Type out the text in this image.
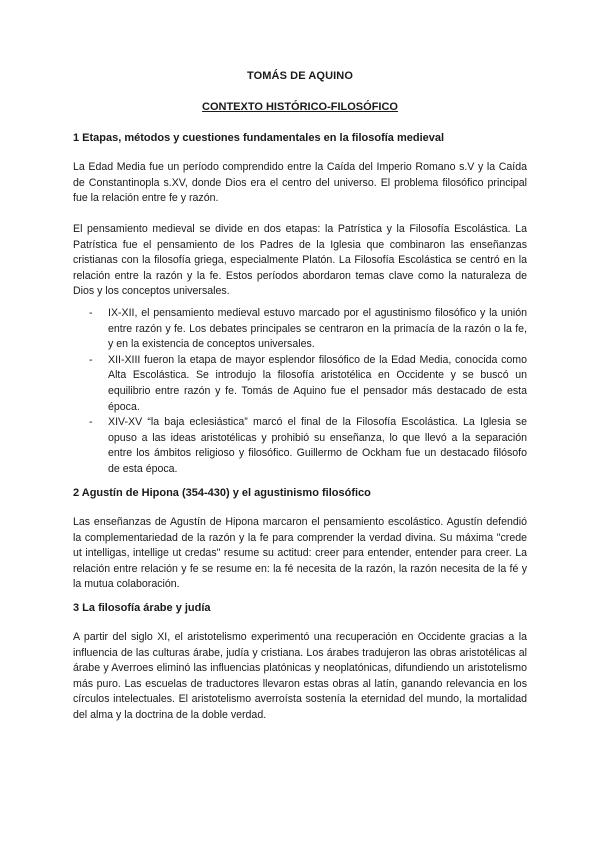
TOMÁS DE AQUINO
CONTEXTO HISTÓRICO-FILOSÓFICO
1 Etapas, métodos y cuestiones fundamentales en la filosofía medieval

La Edad Media fue un período comprendido entre la Caída del Imperio Romano s.V y la Caída de Constantinopla s.XV, donde Dios era el centro del universo. El problema filosófico principal fue la relación entre fe y razón.

El pensamiento medieval se divide en dos etapas: la Patrística y la Filosofía Escolástica. La Patrística fue el pensamiento de los Padres de la Iglesia que combinaron las enseñanzas cristianas con la filosofía griega, especialmente Platón. La Filosofía Escolástica se centró en la relación entre la razón y la fe. Estos períodos abordaron temas clave como la naturaleza de Dios y los conceptos universales.

- IX-XII, el pensamiento medieval estuvo marcado por el agustinismo filosófico y la unión entre razón y fe. Los debates principales se centraron en la primacía de la razón o la fe, y en la existencia de conceptos universales.
- XII-XIII fueron la etapa de mayor esplendor filosófico de la Edad Media, conocida como Alta Escolástica. Se introdujo la filosofía aristotélica en Occidente y se buscó un equilibrio entre razón y fe. Tomás de Aquino fue el pensador más destacado de esta época.
- XIV-XV “la baja eclesiástica” marcó el final de la Filosofía Escolástica. La Iglesia se opuso a las ideas aristotélicas y prohibió su enseñanza, lo que llevó a la separación entre los ámbitos religioso y filosófico. Guillermo de Ockham fue un destacado filósofo de esta época.
2 Agustín de Hipona (354-430) y el agustinismo filosófico

Las enseñanzas de Agustín de Hipona marcaron el pensamiento escolástico. Agustín defendió la complementariedad de la razón y la fe para comprender la verdad divina. Su máxima "crede ut intelligas, intellige ut credas" resume su actitud: creer para entender, entender para creer. La relación entre relación y fe se resume en: la fé necesita de la razón, la razón necesita de la fé y la mutua colaboración.

3 La filosofía árabe y judía

A partir del siglo XI, el aristotelismo experimentó una recuperación en Occidente gracias a la influencia de las culturas árabe, judía y cristiana. Los árabes tradujeron las obras aristotélicas al árabe y Averroes eliminó las influencias platónicas y neoplatónicas, difundiendo un aristotelismo más puro. Las escuelas de traductores llevaron estas obras al latín, ganando relevancia en los círculos intelectuales. El aristotelismo averroísta sostenía la eternidad del mundo, la mortalidad del alma y la doctrina de la doble verdad.
